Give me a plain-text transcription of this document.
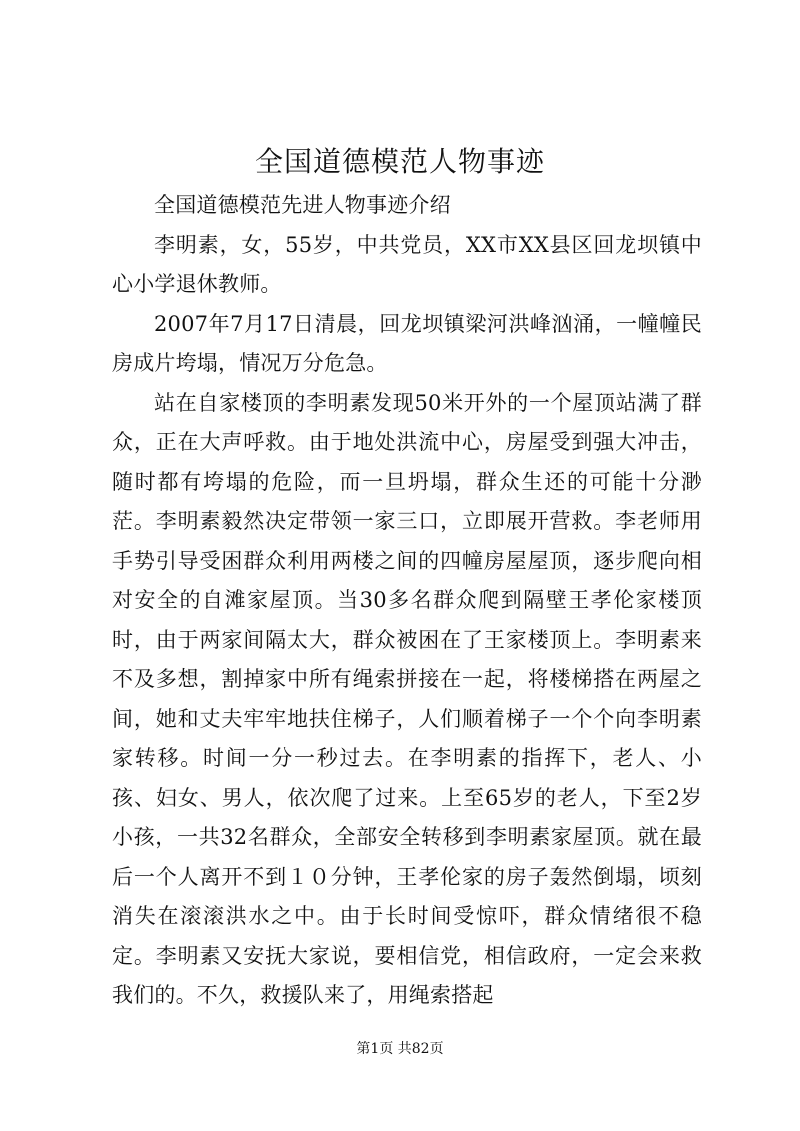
全国道德模范人物事迹

全国道德模范先进人物事迹介绍

李明素，女，55岁，中共党员，XX市XX县区回龙坝镇中心小学退休教师。

2007年7月17日清晨，回龙坝镇梁河洪峰汹涌，一幢幢民房成片垮塌，情况万分危急。

站在自家楼顶的李明素发现50米开外的一个屋顶站满了群众，正在大声呼救。由于地处洪流中心，房屋受到强大冲击，随时都有垮塌的危险，而一旦坍塌，群众生还的可能十分渺茫。李明素毅然决定带领一家三口，立即展开营救。李老师用手势引导受困群众利用两楼之间的四幢房屋屋顶，逐步爬向相对安全的自滩家屋顶。当30多名群众爬到隔壁王孝伦家楼顶时，由于两家间隔太大，群众被困在了王家楼顶上。李明素来不及多想，割掉家中所有绳索拼接在一起，将楼梯搭在两屋之间，她和丈夫牢牢地扶住梯子，人们顺着梯子一个个向李明素家转移。时间一分一秒过去。在李明素的指挥下，老人、小孩、妇女、男人，依次爬了过来。上至65岁的老人，下至2岁小孩，一共32名群众，全部安全转移到李明素家屋顶。就在最后一个人离开不到１０分钟，王孝伦家的房子轰然倒塌，顷刻消失在滚滚洪水之中。由于长时间受惊吓，群众情绪很不稳定。李明素又安抚大家说，要相信党，相信政府，一定会来救我们的。不久，救援队来了，用绳索搭起

第1页 共82页
